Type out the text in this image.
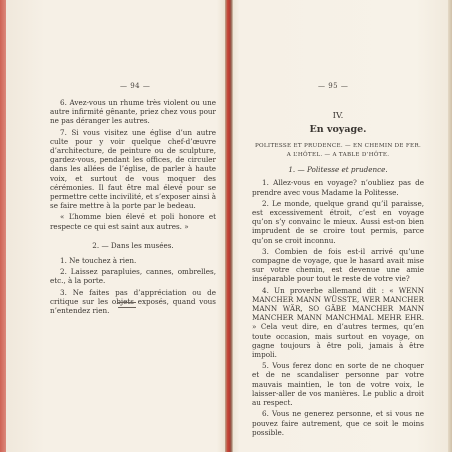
— 94 —	— 95 —

6. Avez-vous un rhume très violent ou une autre infirmité gênante, priez chez vous pour ne pas déranger les autres.

7. Si vous visitez une église d’un autre culte pour y voir quelque chef-d’œuvre d’architecture, de peinture ou de sculpture, gardez-vous, pendant les offices, de circuler dans les allées de l’église, de parler à haute voix, et surtout de vous moquer des cérémonies. Il faut être mal élevé pour se permettre cette incivilité, et s’exposer ainsi à se faire mettre à la porte par le bedeau.

« L’homme bien élevé et poli honore et respecte ce qui est saint aux autres. »

2. — Dans les musées.

1. Ne touchez à rien.

2. Laissez parapluies, cannes, ombrelles, etc., à la porte.

3. Ne faites pas d’appréciation ou de critique sur les objets exposés, quand vous n’entendez rien.

IV.
En voyage.
POLITESSE ET PRUDENCE. — EN CHEMIN DE FER.
A L’HÔTEL. — A TABLE D’HÔTE.

1. — Politesse et prudence.

1. Allez-vous en voyage? n’oubliez pas de prendre avec vous Madame la Politesse.

2. Le monde, quelque grand qu’il paraisse, est excessivement étroit, c’est en voyage qu’on s’y convainc le mieux. Aussi est-on bien imprudent de se croire tout permis, parce qu’on se croit inconnu.

3. Combien de fois est-il arrivé qu’une compagne de voyage, que le hasard avait mise sur votre chemin, est devenue une amie inséparable pour tout le reste de votre vie?

4. Un proverbe allemand dit : « WENN MANCHER MANN WÜSSTE, WER MANCHER MANN WÄR, SO GÄBE MANCHER MANN MANCHER MANN MANCHMAL MEHR EHR. » Cela veut dire, en d’autres termes, qu’en toute occasion, mais surtout en voyage, on gagne toujours à être poli, jamais à être impoli.

5. Vous ferez donc en sorte de ne choquer et de ne scandaliser personne par votre mauvais maintien, le ton de votre voix, le laisser-aller de vos manières. Le public a droit au respect.

6. Vous ne generez personne, et si vous ne pouvez faire autrement, que ce soit le moins possible.
